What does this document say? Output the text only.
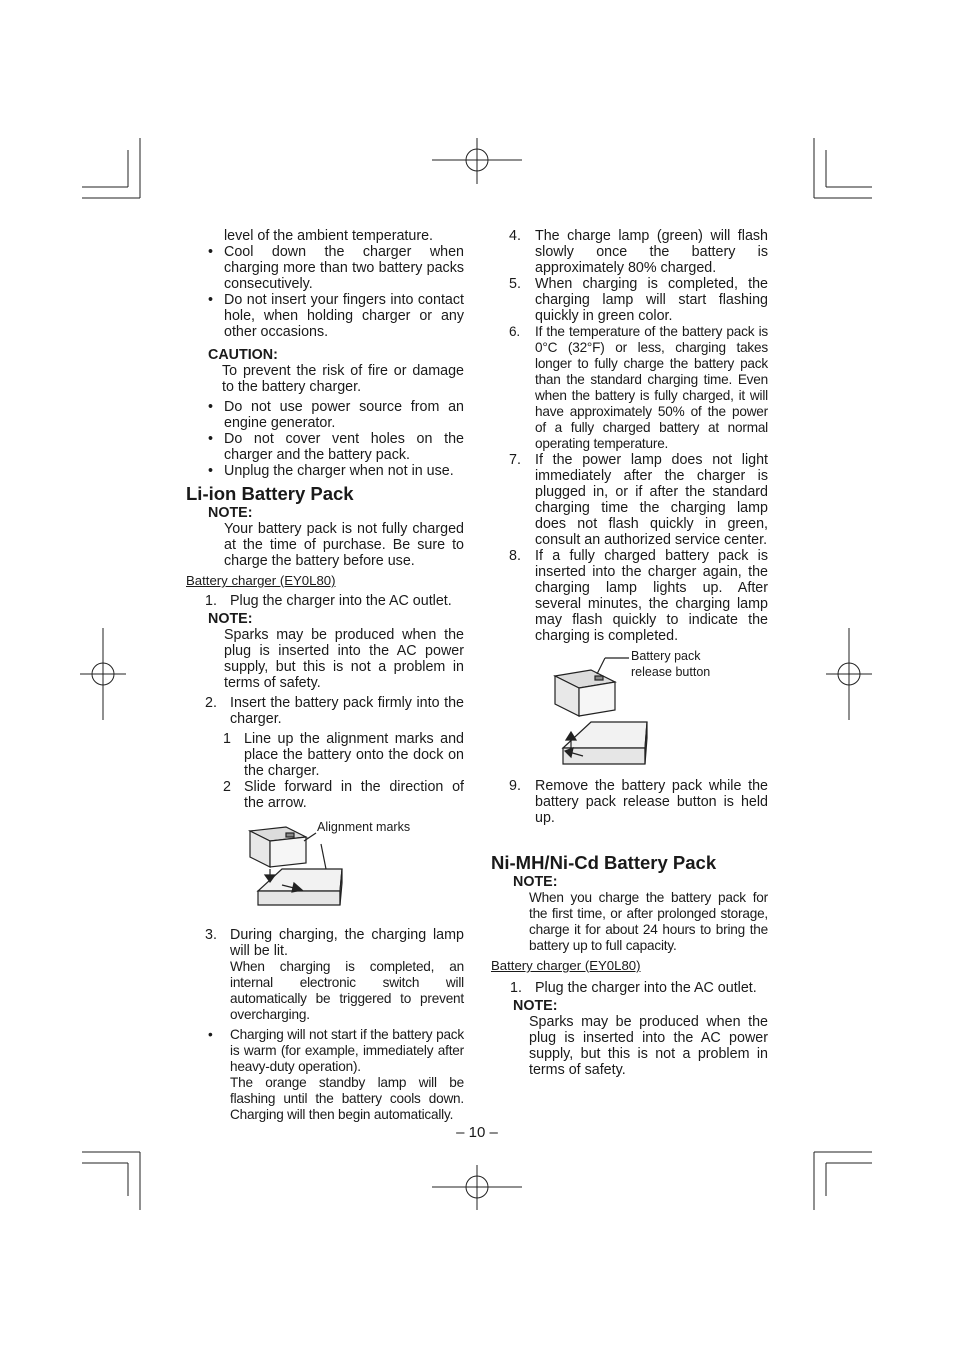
level of the ambient temperature.

• Cool down the charger when charging more than two battery packs consecutively.

• Do not insert your fingers into contact hole, when holding charger or any other occasions.

CAUTION:

To prevent the risk of fire or damage to the battery charger.

• Do not use power source from an engine generator.

• Do not cover vent holes on the charger and the battery pack.

• Unplug the charger when not in use.

Li-ion Battery Pack

NOTE:

Your battery pack is not fully charged at the time of purchase. Be sure to charge the battery before use.

Battery charger (EY0L80)

1. Plug the charger into the AC outlet.

NOTE:

Sparks may be produced when the plug is inserted into the AC power supply, but this is not a problem in terms of safety.

2. Insert the battery pack firmly into the charger.

1 Line up the alignment marks and place the battery onto the dock on the charger.

2 Slide forward in the direction of the arrow.

Alignment marks
3. During charging, the charging lamp will be lit.

When charging is completed, an internal electronic switch will automatically be triggered to prevent overcharging.

• Charging will not start if the battery pack is warm (for example, immediately after heavy-duty operation).

The orange standby lamp will be flashing until the battery cools down. Charging will then begin automatically.

4. The charge lamp (green) will flash slowly once the battery is approximately 80% charged.

5. When charging is completed, the charging lamp will start flashing quickly in green color.

6. If the temperature of the battery pack is 0°C (32°F) or less, charging takes longer to fully charge the battery pack than the standard charging time. Even when the battery is fully charged, it will have approximately 50% of the power of a fully charged battery at normal operating temperature.

7. If the power lamp does not light immediately after the charger is plugged in, or if after the standard charging time the charging lamp does not flash quickly in green, consult an authorized service center.

8. If a fully charged battery pack is inserted into the charger again, the charging lamp lights up. After several minutes, the charging lamp may flash quickly to indicate the charging is completed.

Battery pack
release button
9. Remove the battery pack while the battery pack release button is held up.

Ni-MH/Ni-Cd Battery Pack

NOTE:

When you charge the battery pack for the first time, or after prolonged storage, charge it for about 24 hours to bring the battery up to full capacity.

Battery charger (EY0L80)

1. Plug the charger into the AC outlet.

NOTE:

Sparks may be produced when the plug is inserted into the AC power supply, but this is not a problem in terms of safety.

– 10 –
